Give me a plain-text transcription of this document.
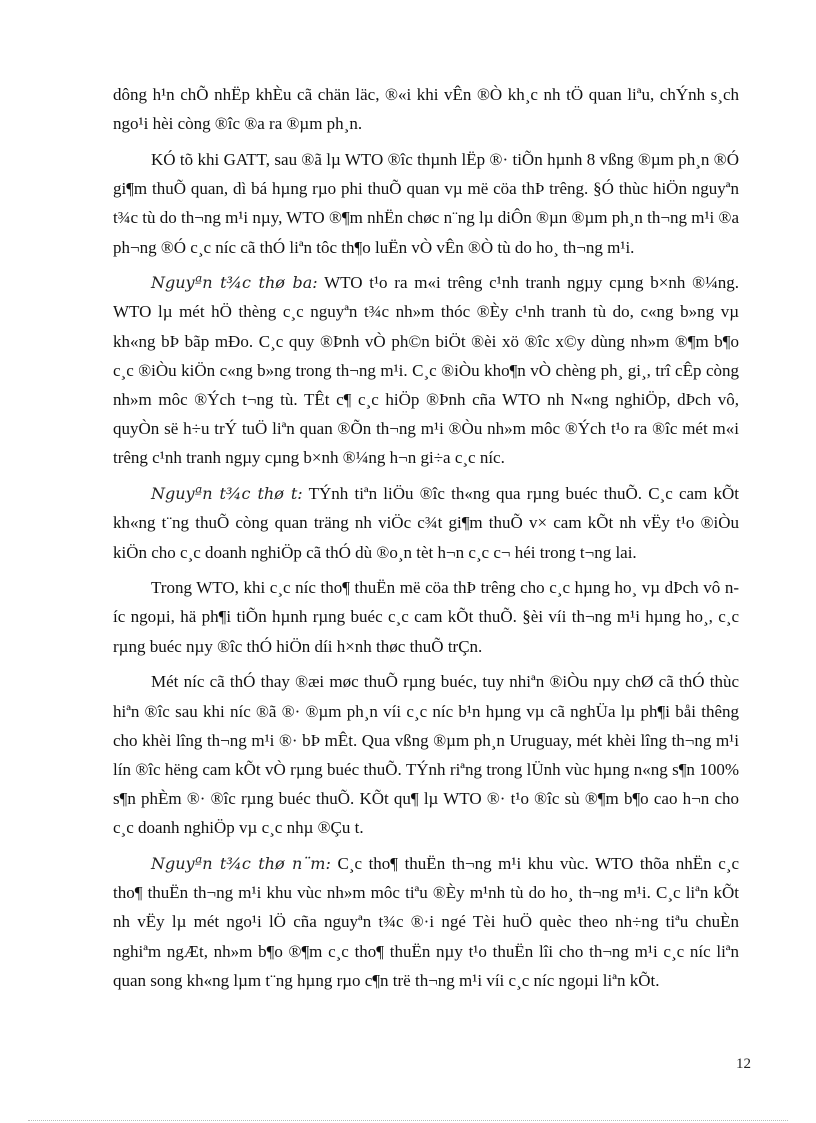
dông h¹n chÕ nhËp khÈu cã chän läc, ®«i khi vÊn ®Ò kh¸c nh tÖ quan liªu, chÝnh s¸ch ngo¹i hèi còng ®îc ®a ra ®µm ph¸n.

KÓ tõ khi GATT, sau ®ã lµ WTO ®îc thµnh lËp ®· tiÕn hµnh 8 vßng ®µm ph¸n ®Ó gi¶m thuÕ quan, dì bá hµng rµo phi thuÕ quan vµ më cöa thÞ trêng. §Ó thùc hiÖn nguyªn t¾c tù do th¬ng m¹i nµy, WTO ®¶m nhËn chøc n¨ng lµ diÔn ®µn ®µm ph¸n th¬ng m¹i ®a ph¬ng ®Ó c¸c níc cã thÓ liªn tôc th¶o luËn vÒ vÊn ®Ò tù do ho¸ th¬ng m¹i.

Nguyªn t¾c thø ba: WTO t¹o ra m«i trêng c¹nh tranh ngµy cµng b×nh ®¼ng. WTO lµ mét hÖ thèng c¸c nguyªn t¾c nh»m thóc ®Èy c¹nh tranh tù do, c«ng b»ng vµ kh«ng bÞ bãp mÐo. C¸c quy ®Þnh vÒ ph©n biÖt ®èi xö ®îc x©y dùng nh»m ®¶m b¶o c¸c ®iÒu kiÖn c«ng b»ng trong th¬ng m¹i. C¸c ®iÒu kho¶n vÒ chèng ph¸ gi¸, trî cÊp còng nh»m môc ®Ých t¬ng tù. TÊt c¶ c¸c hiÖp ®Þnh cña WTO nh N«ng nghiÖp, dÞch vô, quyÒn së h÷u trÝ tuÖ liªn quan ®Õn th¬ng m¹i ®Òu nh»m môc ®Ých t¹o ra ®îc mét m«i trêng c¹nh tranh ngµy cµng b×nh ®¼ng h¬n gi÷a c¸c níc.

Nguyªn t¾c thø t: TÝnh tiªn liÖu ®îc th«ng qua rµng buéc thuÕ. C¸c cam kÕt kh«ng t¨ng thuÕ còng quan träng nh viÖc c¾t gi¶m thuÕ v× cam kÕt nh vËy t¹o ®iÒu kiÖn cho c¸c doanh nghiÖp cã thÓ dù ®o¸n tèt h¬n c¸c c¬ héi trong t¬ng lai.

Trong WTO, khi c¸c níc tho¶ thuËn më cöa thÞ trêng cho c¸c hµng ho¸ vµ dÞch vô níc ngoµi, hä ph¶i tiÕn hµnh rµng buéc c¸c cam kÕt thuÕ. §èi víi th¬ng m¹i hµng ho¸, c¸c rµng buéc nµy ®îc thÓ hiÖn díi h×nh thøc thuÕ trÇn.

Mét níc cã thÓ thay ®æi møc thuÕ rµng buéc, tuy nhiªn ®iÒu nµy chØ cã thÓ thùc hiªn ®îc sau khi níc ®ã ®· ®µm ph¸n víi c¸c níc b¹n hµng vµ cã nghÜa lµ ph¶i båi thêng cho khèi lîng th¬ng m¹i ®· bÞ mÊt. Qua vßng ®µm ph¸n Uruguay, mét khèi lîng th¬ng m¹i lín ®îc hëng cam kÕt vÒ rµng buéc thuÕ. TÝnh riªng trong lÜnh vùc hµng n«ng s¶n 100% s¶n phÈm ®· ®îc rµng buéc thuÕ. KÕt qu¶ lµ WTO ®· t¹o ®îc sù ®¶m b¶o cao h¬n cho c¸c doanh nghiÖp vµ c¸c nhµ ®Çu t.

Nguyªn t¾c thø n¨m: C¸c tho¶ thuËn th¬ng m¹i khu vùc. WTO thõa nhËn c¸c tho¶ thuËn th¬ng m¹i khu vùc nh»m môc tiªu ®Èy m¹nh tù do ho¸ th¬ng m¹i. C¸c liªn kÕt nh vËy lµ mét ngo¹i lÖ cña nguyªn t¾c ®·i ngé Tèi huÖ quèc theo nh÷ng tiªu chuÈn nghiªm ngÆt, nh»m b¶o ®¶m c¸c tho¶ thuËn nµy t¹o thuËn lîi cho th¬ng m¹i c¸c níc liªn quan song kh«ng lµm t¨ng hµng rµo c¶n trë th¬ng m¹i víi c¸c níc ngoµi liªn kÕt.

12
